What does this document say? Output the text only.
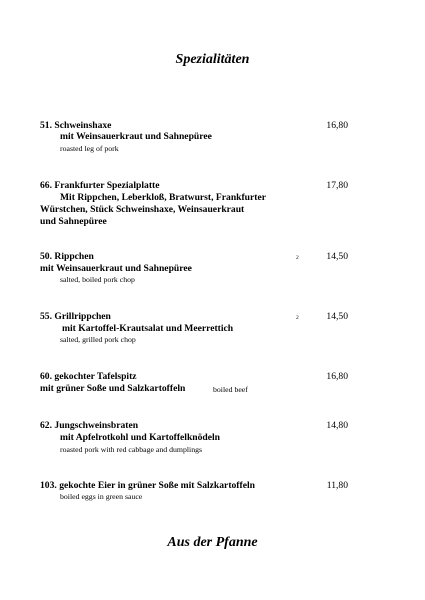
Spezialitäten
51. Schweinshaxe
mit Weinsauerkraut und Sahnepüree
roasted leg of pork
16,80
66. Frankfurter Spezialplatte
Mit Rippchen, Leberkloß, Bratwurst, Frankfurter
Würstchen, Stück Schweinshaxe, Weinsauerkraut
und Sahnepüree
17,80
50. Rippchen
mit Weinsauerkraut und Sahnepüree
salted, boiled pork chop
2	14,50
55. Grillrippchen
mit Kartoffel-Krautsalat und Meerrettich
salted, grilled pork chop
2	14,50
60. gekochter Tafelspitz
mit grüner Soße und Salzkartoffeln	boiled beef
16,80
62. Jungschweinsbraten
mit Apfelrotkohl und Kartoffelknödeln
roasted pork with red cabbage and dumplings
14,80
103. gekochte Eier in grüner Soße mit Salzkartoffeln
boiled eggs in green sauce
11,80
Aus der Pfanne
